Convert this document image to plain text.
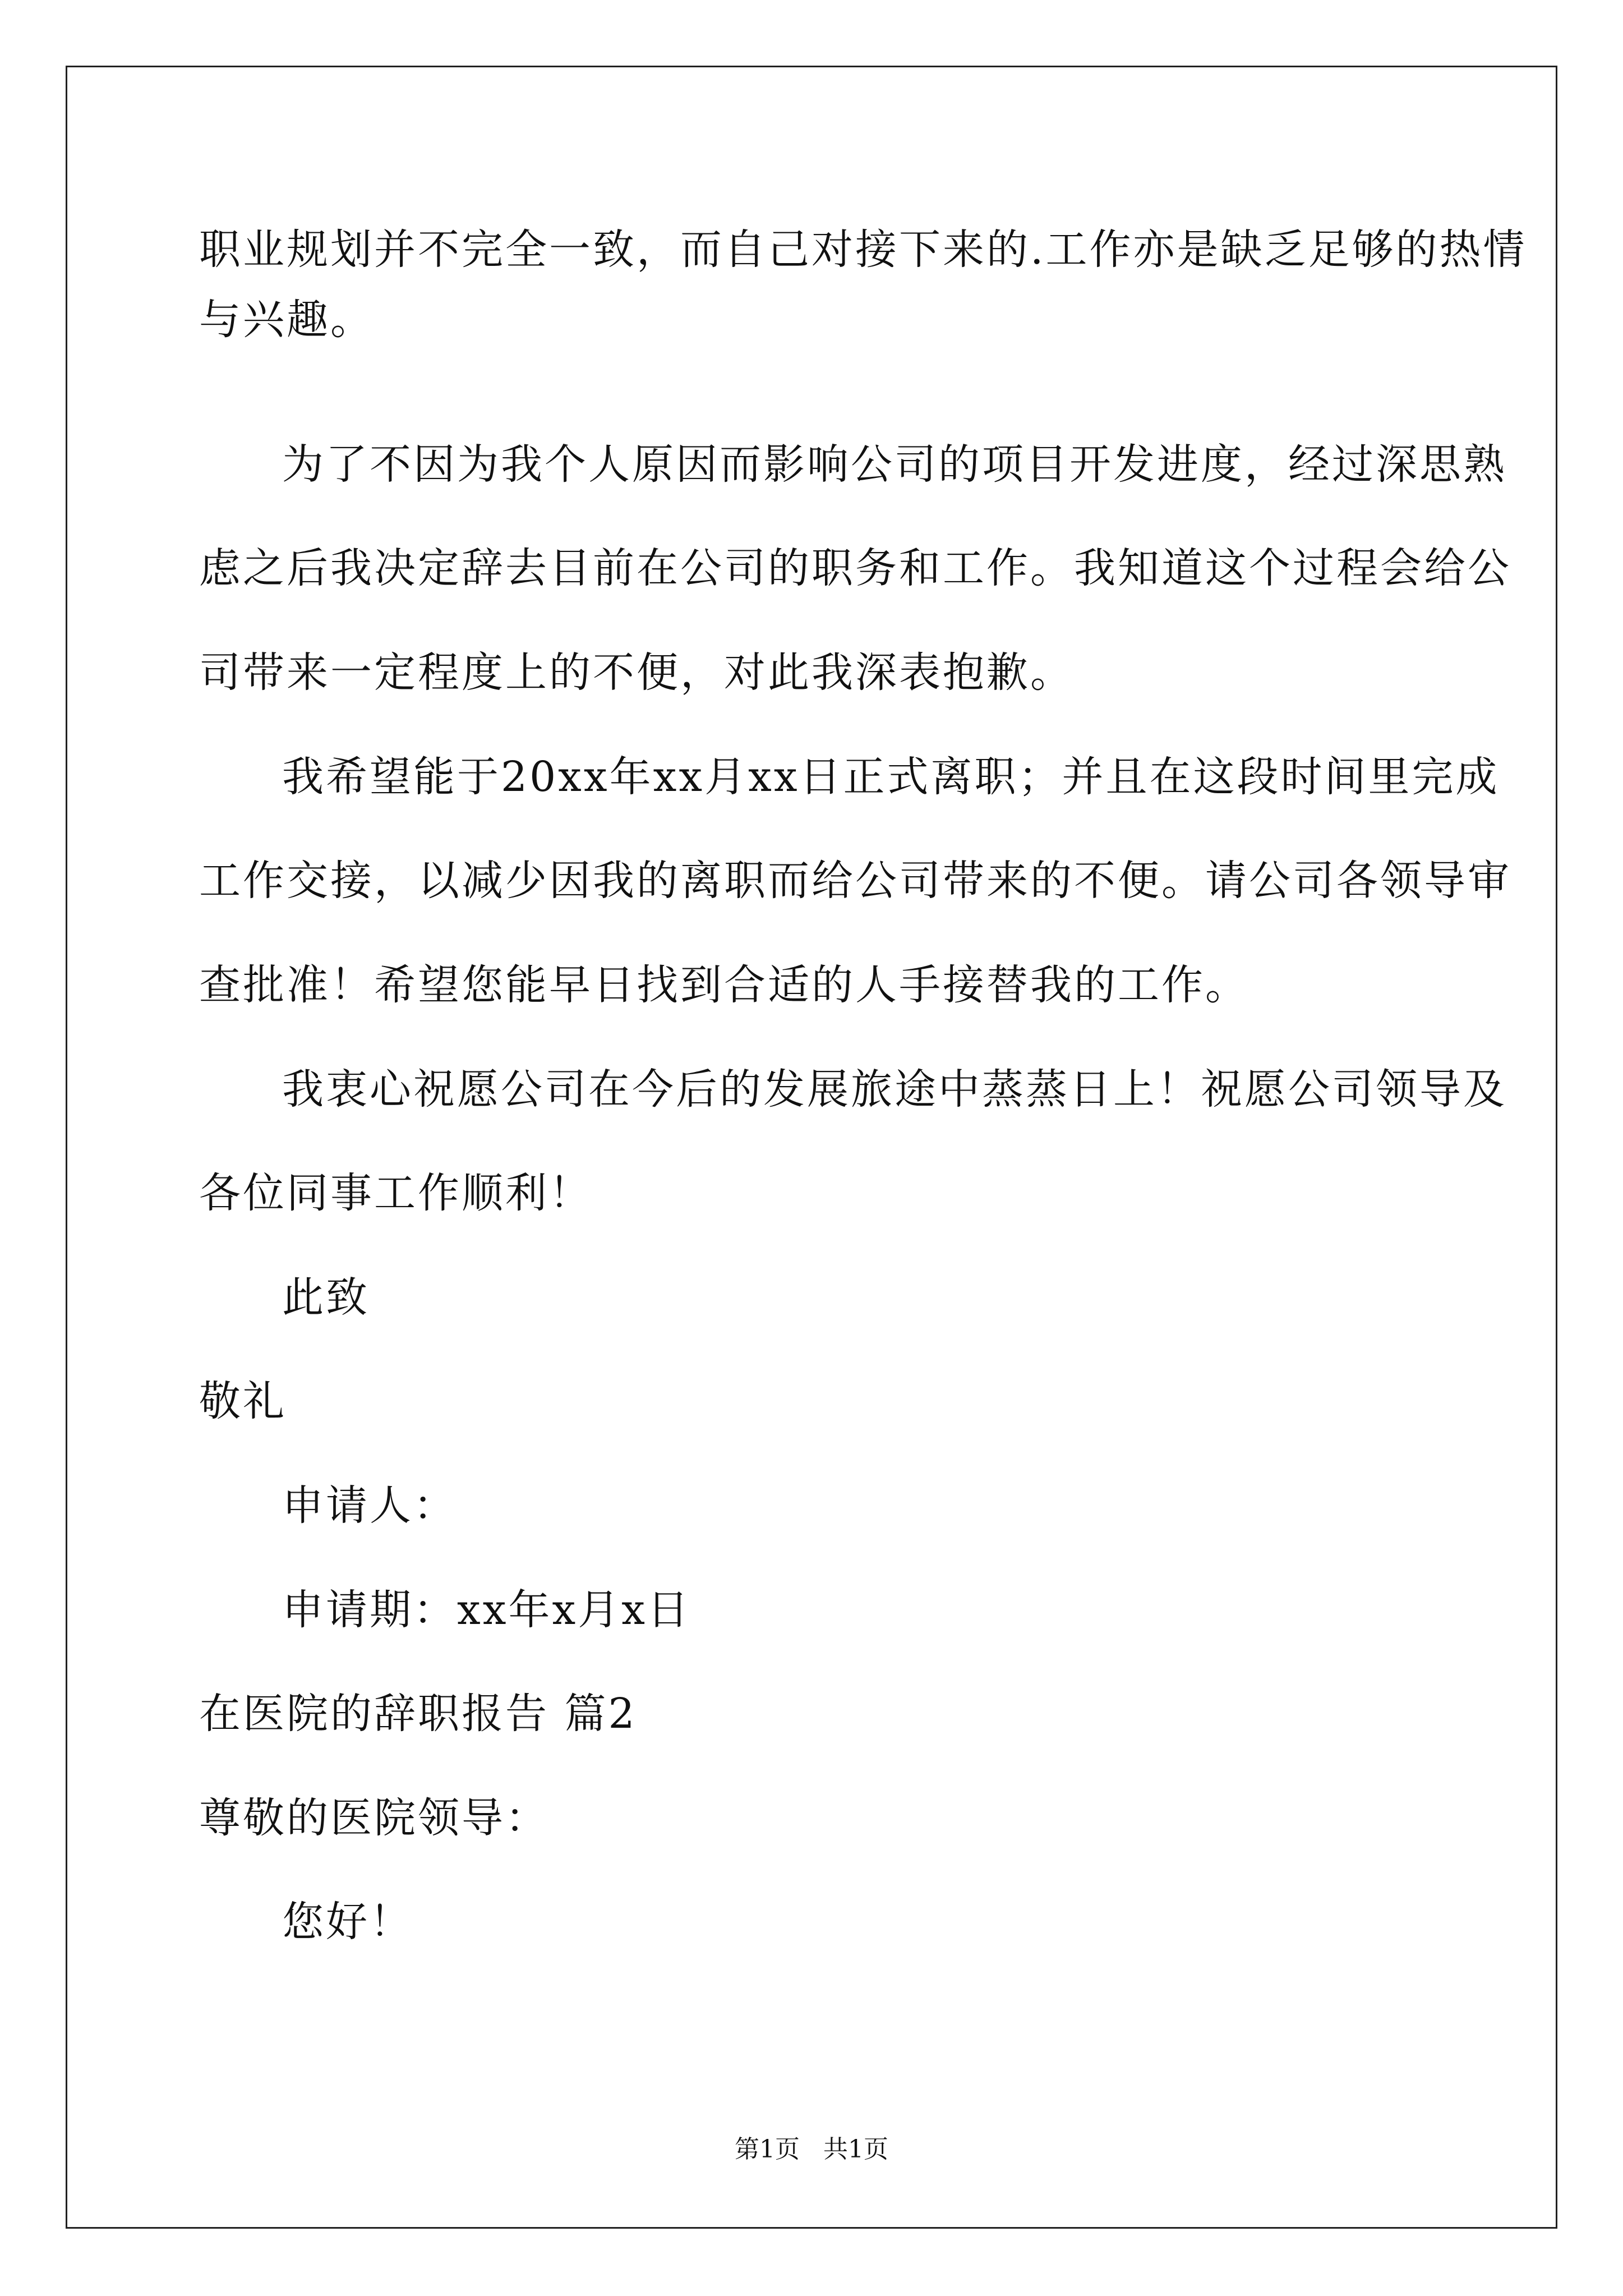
职业规划并不完全一致，而自己对接下来的.工作亦是缺乏足够的热情
与兴趣。
为了不因为我个人原因而影响公司的项目开发进度，经过深思熟
虑之后我决定辞去目前在公司的职务和工作。我知道这个过程会给公
司带来一定程度上的不便，对此我深表抱歉。
我希望能于20xx年xx月xx日正式离职；并且在这段时间里完成
工作交接，以减少因我的离职而给公司带来的不便。请公司各领导审
查批准！希望您能早日找到合适的人手接替我的工作。
我衷心祝愿公司在今后的发展旅途中蒸蒸日上！祝愿公司领导及
各位同事工作顺利！
此致
敬礼
申请人：
申请期：xx年x月x日
在医院的辞职报告 篇2
尊敬的医院领导：
您好！
第1页   共1页
